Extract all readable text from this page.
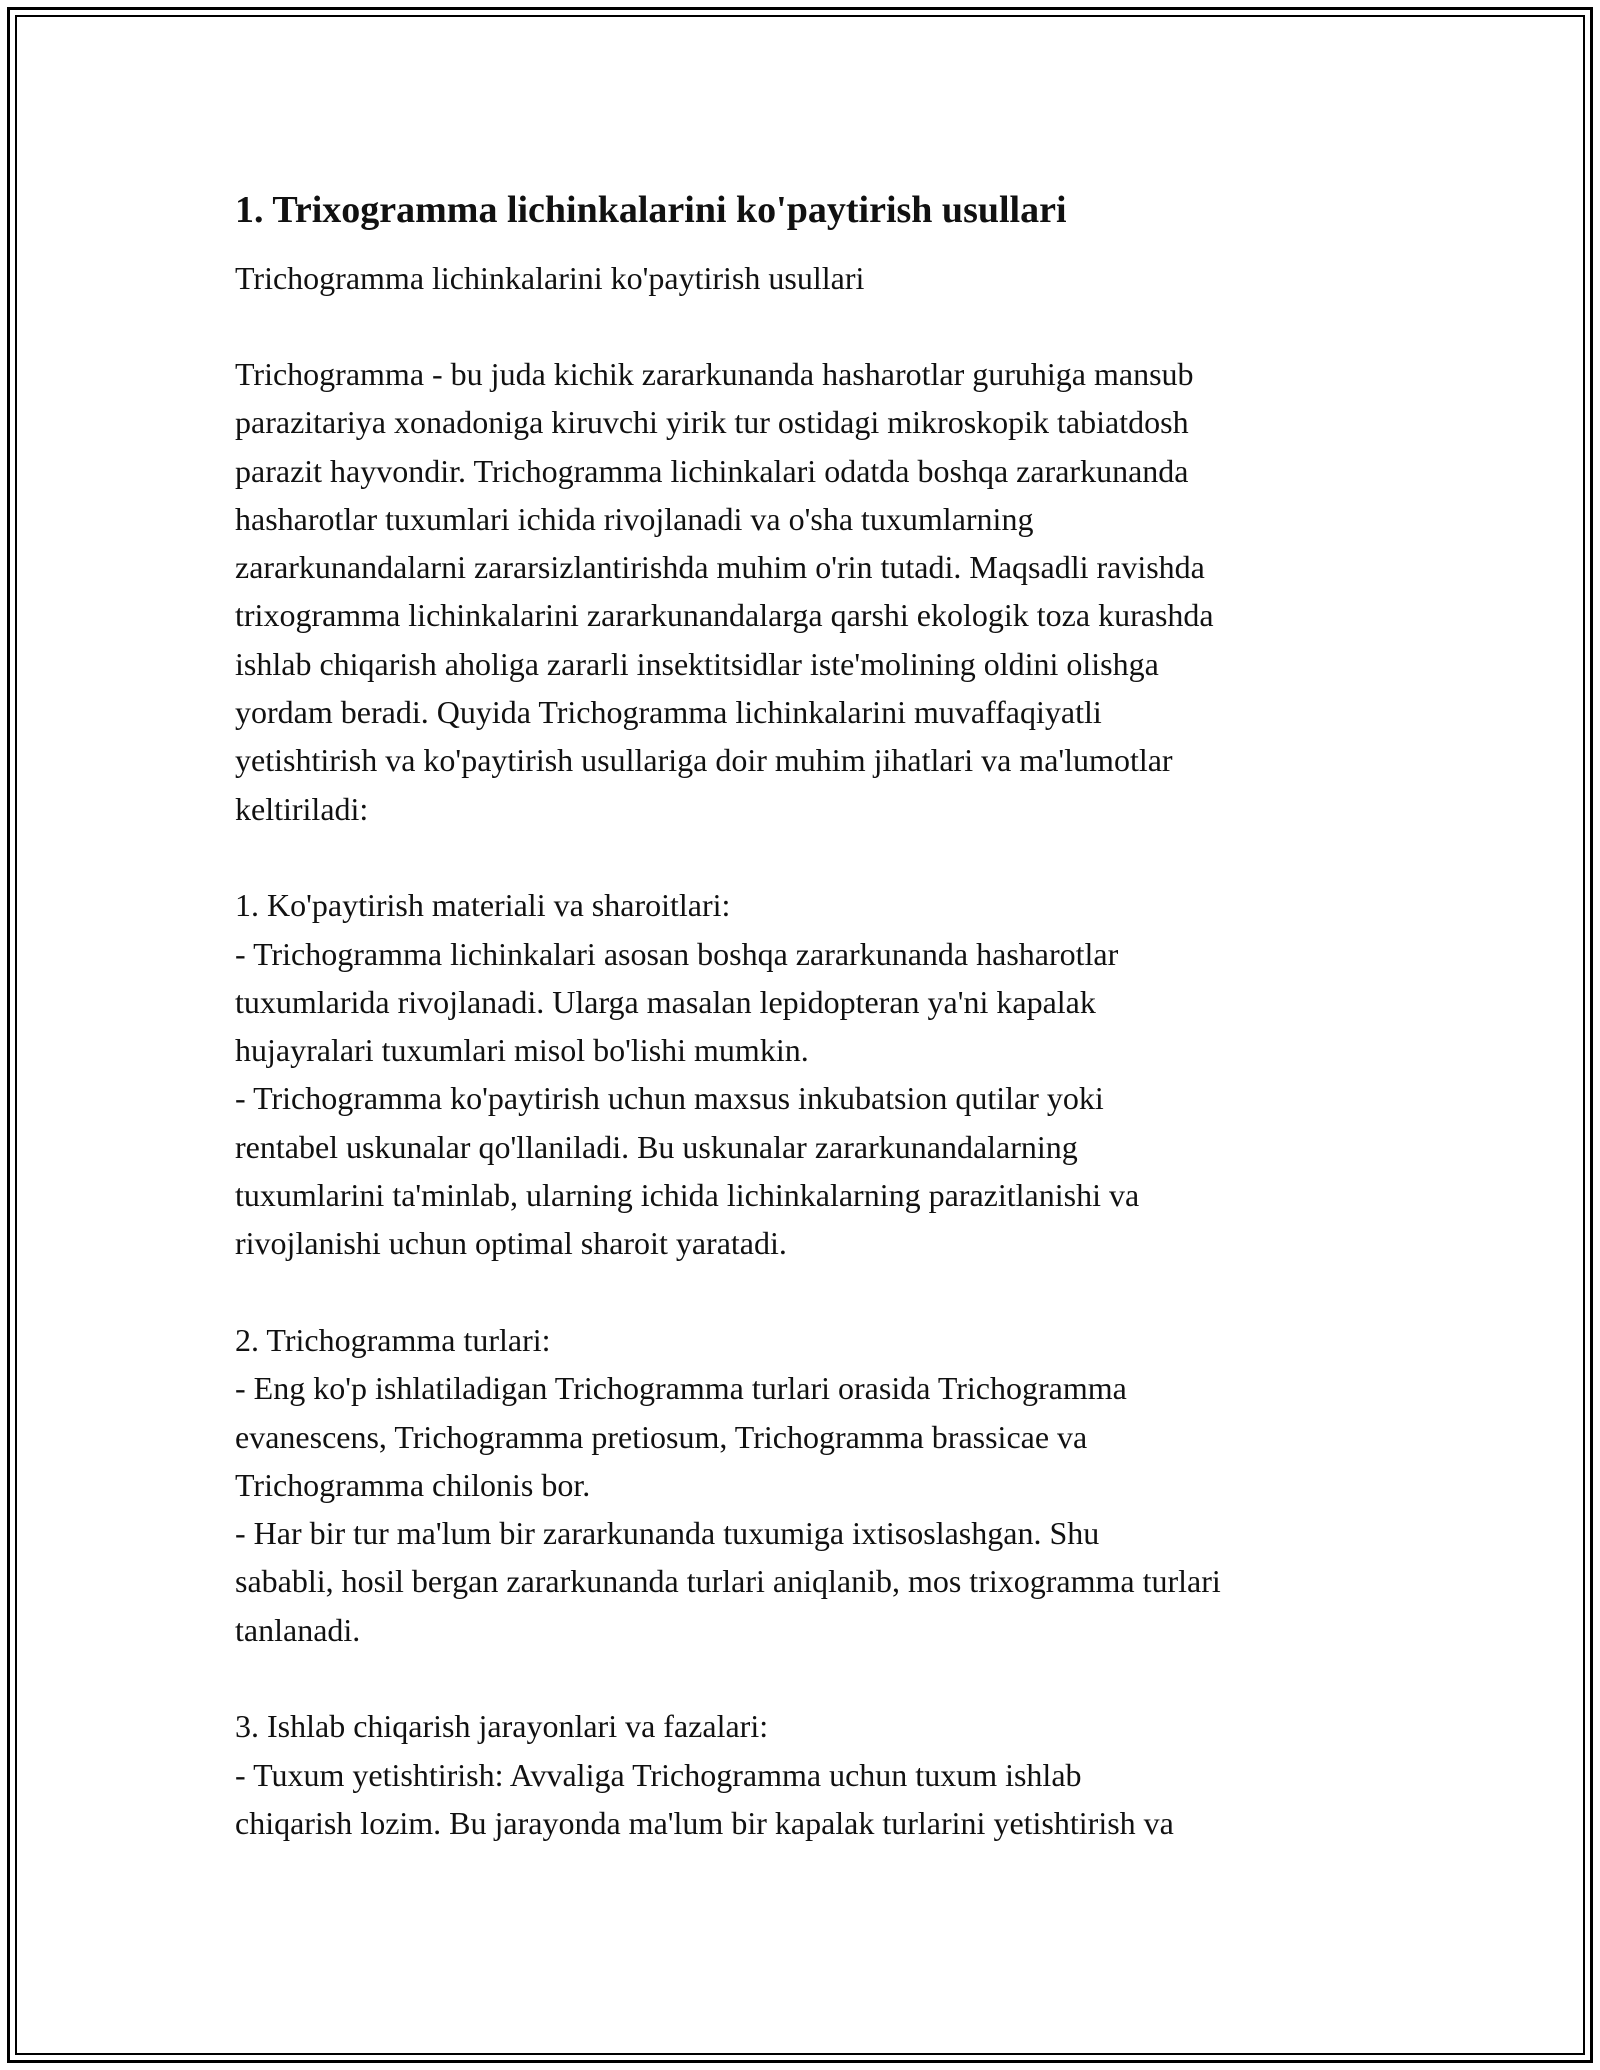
1. Trixogramma lichinkalarini ko'paytirish usullari

Trichogramma lichinkalarini ko'paytirish usullari

Trichogramma - bu juda kichik zararkunanda hasharotlar guruhiga mansub
parazitariya xonadoniga kiruvchi yirik tur ostidagi mikroskopik tabiatdosh
parazit hayvondir. Trichogramma lichinkalari odatda boshqa zararkunanda
hasharotlar tuxumlari ichida rivojlanadi va o'sha tuxumlarning
zararkunandalarni zararsizlantirishda muhim o'rin tutadi. Maqsadli ravishda
trixogramma lichinkalarini zararkunandalarga qarshi ekologik toza kurashda
ishlab chiqarish aholiga zararli insektitsidlar iste'molining oldini olishga
yordam beradi. Quyida Trichogramma lichinkalarini muvaffaqiyatli
yetishtirish va ko'paytirish usullariga doir muhim jihatlari va ma'lumotlar
keltiriladi:

1. Ko'paytirish materiali va sharoitlari:
- Trichogramma lichinkalari asosan boshqa zararkunanda hasharotlar
tuxumlarida rivojlanadi. Ularga masalan lepidopteran ya'ni kapalak
hujayralari tuxumlari misol bo'lishi mumkin.
- Trichogramma ko'paytirish uchun maxsus inkubatsion qutilar yoki
rentabel uskunalar qo'llaniladi. Bu uskunalar zararkunandalarning
tuxumlarini ta'minlab, ularning ichida lichinkalarning parazitlanishi va
rivojlanishi uchun optimal sharoit yaratadi.

2. Trichogramma turlari:
- Eng ko'p ishlatiladigan Trichogramma turlari orasida Trichogramma
evanescens, Trichogramma pretiosum, Trichogramma brassicae va
Trichogramma chilonis bor.
- Har bir tur ma'lum bir zararkunanda tuxumiga ixtisoslashgan. Shu
sababli, hosil bergan zararkunanda turlari aniqlanib, mos trixogramma turlari
tanlanadi.

3. Ishlab chiqarish jarayonlari va fazalari:
- Tuxum yetishtirish: Avvaliga Trichogramma uchun tuxum ishlab
chiqarish lozim. Bu jarayonda ma'lum bir kapalak turlarini yetishtirish va
